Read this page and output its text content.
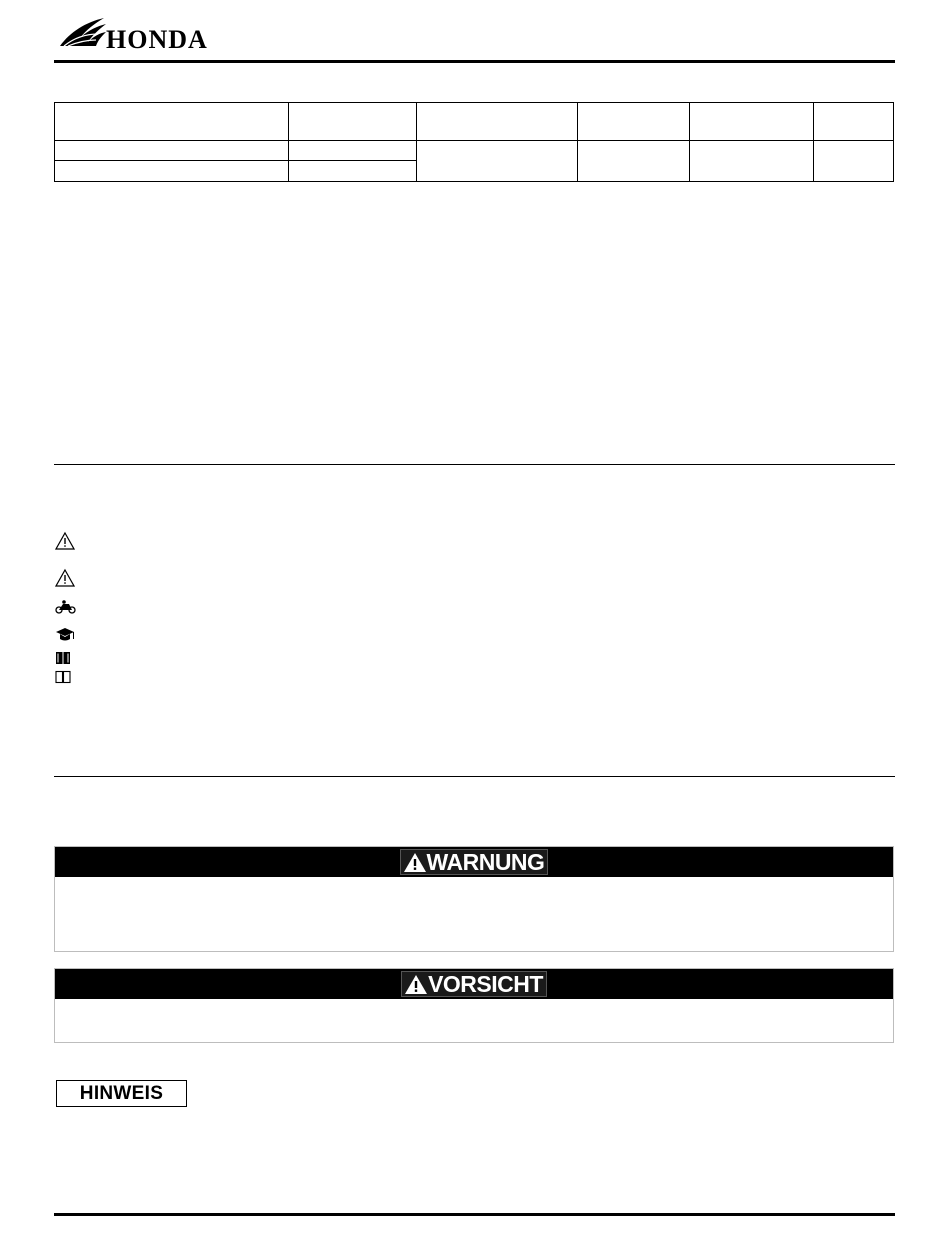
HONDA

WARNUNG
VORSICHT
HINWEIS
